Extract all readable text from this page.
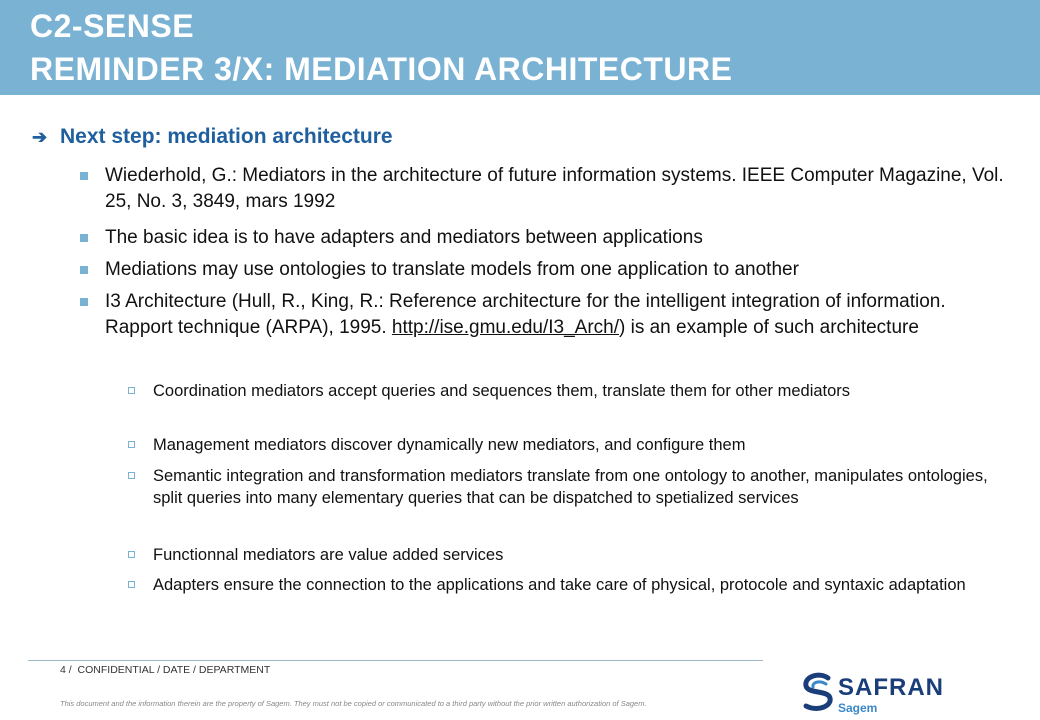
C2-SENSE
REMINDER 3/X: MEDIATION ARCHITECTURE
➔ Next step: mediation architecture
Wiederhold, G.: Mediators in the architecture of future information systems. IEEE Computer Magazine, Vol. 25, No. 3, 3849, mars 1992
The basic idea is to have adapters and mediators between applications
Mediations may use ontologies to translate models from one application to another
I3 Architecture (Hull, R., King, R.: Reference architecture for the intelligent integration of information. Rapport technique (ARPA), 1995. http://ise.gmu.edu/I3_Arch/) is an example of such architecture
Coordination mediators accept queries and sequences them, translate them for other mediators
Management mediators discover dynamically new mediators, and configure them
Semantic integration and transformation mediators translate from one ontology to another, manipulates ontologies, split queries into many elementary queries that can be dispatched to spetialized services
Functionnal mediators are value added services
Adapters ensure the connection to the applications and take care of physical, protocole and syntaxic adaptation
4 / CONFIDENTIAL / DATE / DEPARTMENT
This document and the information therein are the property of Sagem. They must not be copied or communicated to a third party without the prior written authorization of Sagem.
SAFRAN
Sagem
